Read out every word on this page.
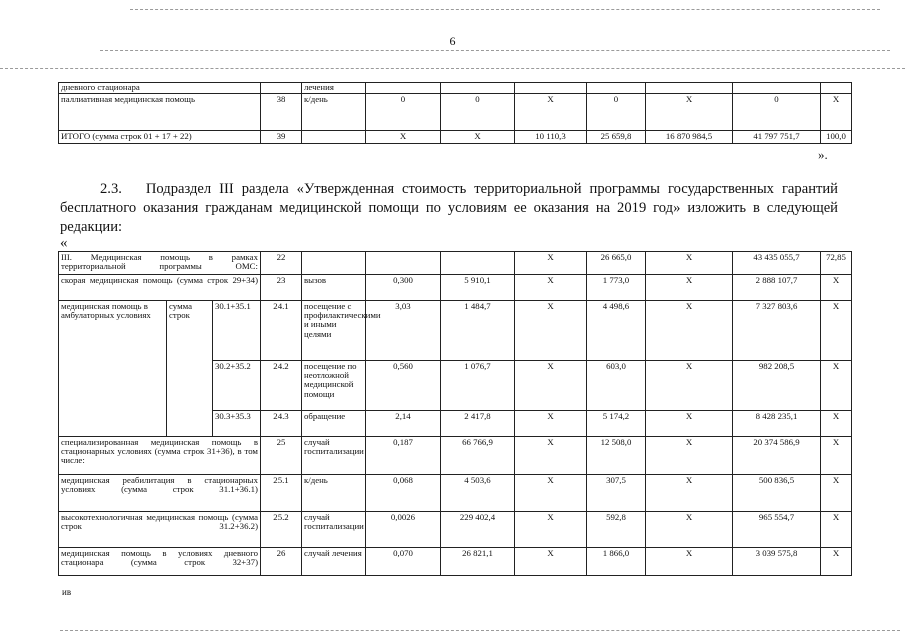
6
дневного стационара		лечения							
паллиативная медицинская помощь	38	к/день	0	0	X	0	X	0	X
ИТОГО (сумма строк 01 + 17 + 22)	39		X	X	10 110,3	25 659,8	16 870 984,5	41 797 751,7	100,0
».
2.3. Подраздел III раздела «Утвержденная стоимость территориальной программы государственных гарантий бесплатного оказания гражданам медицинской помощи по условиям ее оказания на 2019 год» изложить в следующей редакции:
«
III. Медицинская помощь в рамках территориальной программы ОМС:			22				X	26 665,0	X	43 435 055,7	72,85
скорая медицинская помощь (сумма строк 29+34)			23	вызов	0,300	5 910,1	X	1 773,0	X	2 888 107,7	X
медицинская помощь в амбулаторных условиях	сумма строк	30.1+35.1	24.1	посещение с профилактическими и иными целями	3,03	1 484,7	X	4 498,6	X	7 327 803,6	X
		30.2+35.2	24.2	посещение по неотложной медицинской помощи	0,560	1 076,7	X	603,0	X	982 208,5	X
		30.3+35.3	24.3	обращение	2,14	2 417,8	X	5 174,2	X	8 428 235,1	X
специализированная медицинская помощь в стационарных условиях (сумма строк 31+36), в том числе:			25	случай госпитализации	0,187	66 766,9	X	12 508,0	X	20 374 586,9	X
медицинская реабилитация в стационарных условиях (сумма строк 31.1+36.1)			25.1	к/день	0,068	4 503,6	X	307,5	X	500 836,5	X
высокотехнологичная медицинская помощь (сумма строк 31.2+36.2)			25.2	случай госпитализации	0,0026	229 402,4	X	592,8	X	965 554,7	X
медицинская помощь в условиях дневного стационара (сумма строк 32+37)			26	случай лечения	0,070	26 821,1	X	1 866,0	X	3 039 575,8	X
ив
